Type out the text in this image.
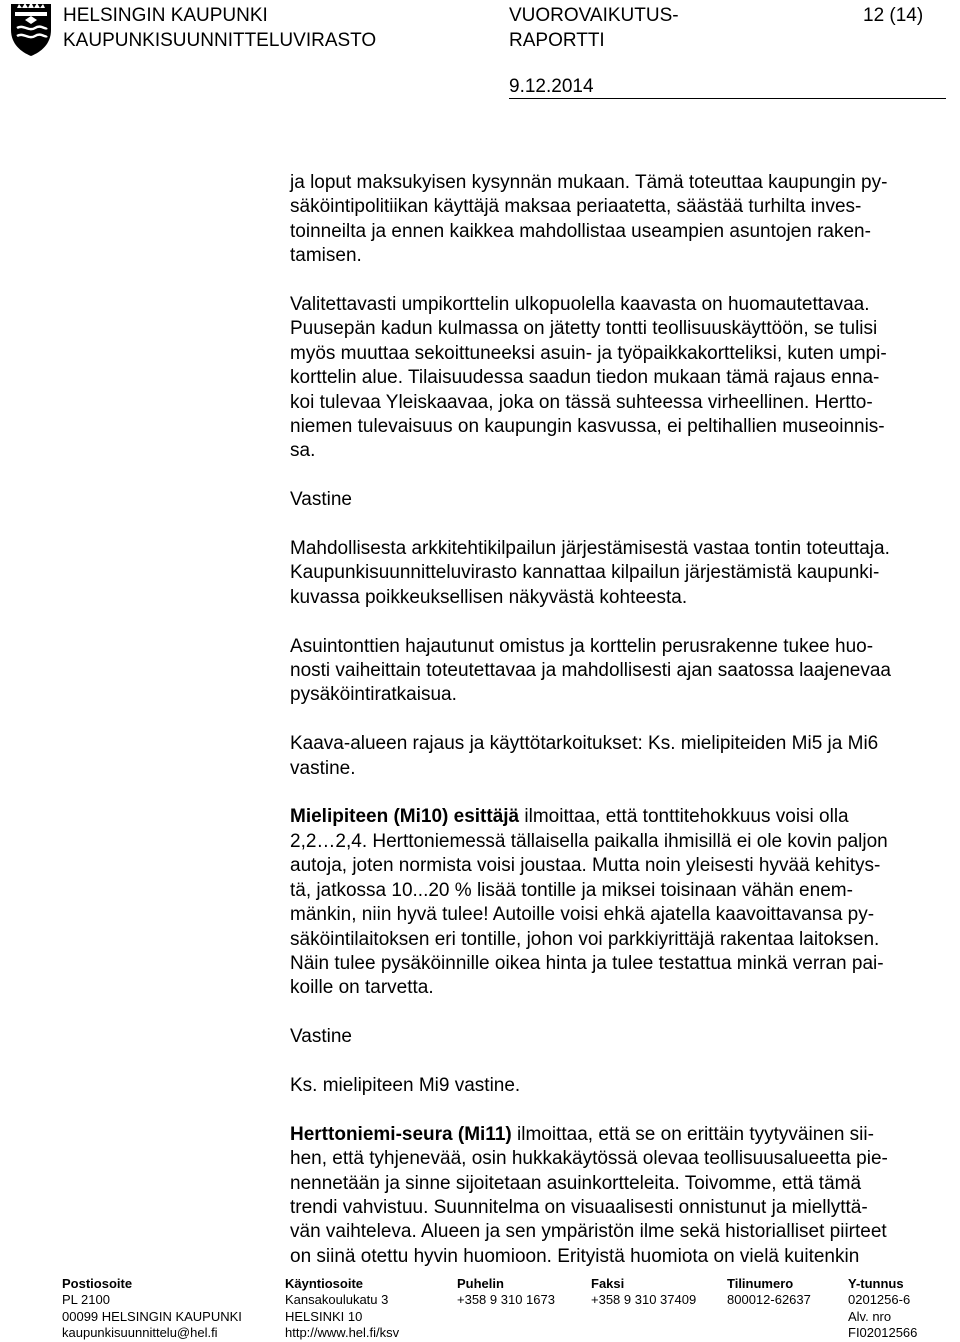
HELSINGIN KAUPUNKI
KAUPUNKISUUNNITTELUVIRASTO
VUOROVAIKUTUS-
RAPORTTI
12 (14)
9.12.2014

ja loput maksukyisen kysynnän mukaan. Tämä toteuttaa kaupungin py-
säköintipolitiikan käyttäjä maksaa periaatetta, säästää turhilta inves-
toinneilta ja ennen kaikkea mahdollistaa useampien asuntojen raken-
tamisen.

Valitettavasti umpikorttelin ulkopuolella kaavasta on huomautettavaa.
Puusepän kadun kulmassa on jätetty tontti teollisuuskäyttöön, se tulisi
myös muuttaa sekoittuneeksi asuin- ja työpaikkakortteliksi, kuten umpi-
korttelin alue. Tilaisuudessa saadun tiedon mukaan tämä rajaus enna-
koi tulevaa Yleiskaavaa, joka on tässä suhteessa virheellinen. Hertto-
niemen tulevaisuus on kaupungin kasvussa, ei peltihallien museoinnis-
sa.

Vastine

Mahdollisesta arkkitehtikilpailun järjestämisestä vastaa tontin toteuttaja.
Kaupunkisuunnitteluvirasto kannattaa kilpailun järjestämistä kaupunki-
kuvassa poikkeuksellisen näkyvästä kohteesta.

Asuintonttien hajautunut omistus ja korttelin perusrakenne tukee huo-
nosti vaiheittain toteutettavaa ja mahdollisesti ajan saatossa laajenevaa
pysäköintiratkaisua.

Kaava-alueen rajaus ja käyttötarkoitukset: Ks. mielipiteiden Mi5 ja Mi6
vastine.

Mielipiteen (Mi10) esittäjä ilmoittaa, että tonttitehokkuus voisi olla
2,2…2,4. Herttoniemessä tällaisella paikalla ihmisillä ei ole kovin paljon
autoja, joten normista voisi joustaa. Mutta noin yleisesti hyvää kehitys-
tä, jatkossa 10...20 % lisää tontille ja miksei toisinaan vähän enem-
mänkin, niin hyvä tulee! Autoille voisi ehkä ajatella kaavoittavansa py-
säköintilaitoksen eri tontille, johon voi parkkiyrittäjä rakentaa laitoksen.
Näin tulee pysäköinnille oikea hinta ja tulee testattua minkä verran pai-
koille on tarvetta.

Vastine

Ks. mielipiteen Mi9 vastine.

Herttoniemi-seura (Mi11) ilmoittaa, että se on erittäin tyytyväinen sii-
hen, että tyhjenevää, osin hukkakäytössä olevaa teollisuusalueetta pie-
nennetään ja sinne sijoitetaan asuinkortteleita. Toivomme, että tämä
trendi vahvistuu. Suunnitelma on visuaalisesti onnistunut ja miellyttä-
vän vaihteleva. Alueen ja sen ympäristön ilme sekä historialliset piirteet
on siinä otettu hyvin huomioon. Erityistä huomiota on vielä kuitenkin

Postiosoite
PL 2100
00099 HELSINGIN KAUPUNKI
kaupunkisuunnittelu@hel.fi
Käyntiosoite
Kansakoulukatu 3
HELSINKI 10
http://www.hel.fi/ksv
Puhelin
+358 9 310 1673
Faksi
+358 9 310 37409
Tilinumero
800012-62637
Y-tunnus
0201256-6
Alv. nro
FI02012566
